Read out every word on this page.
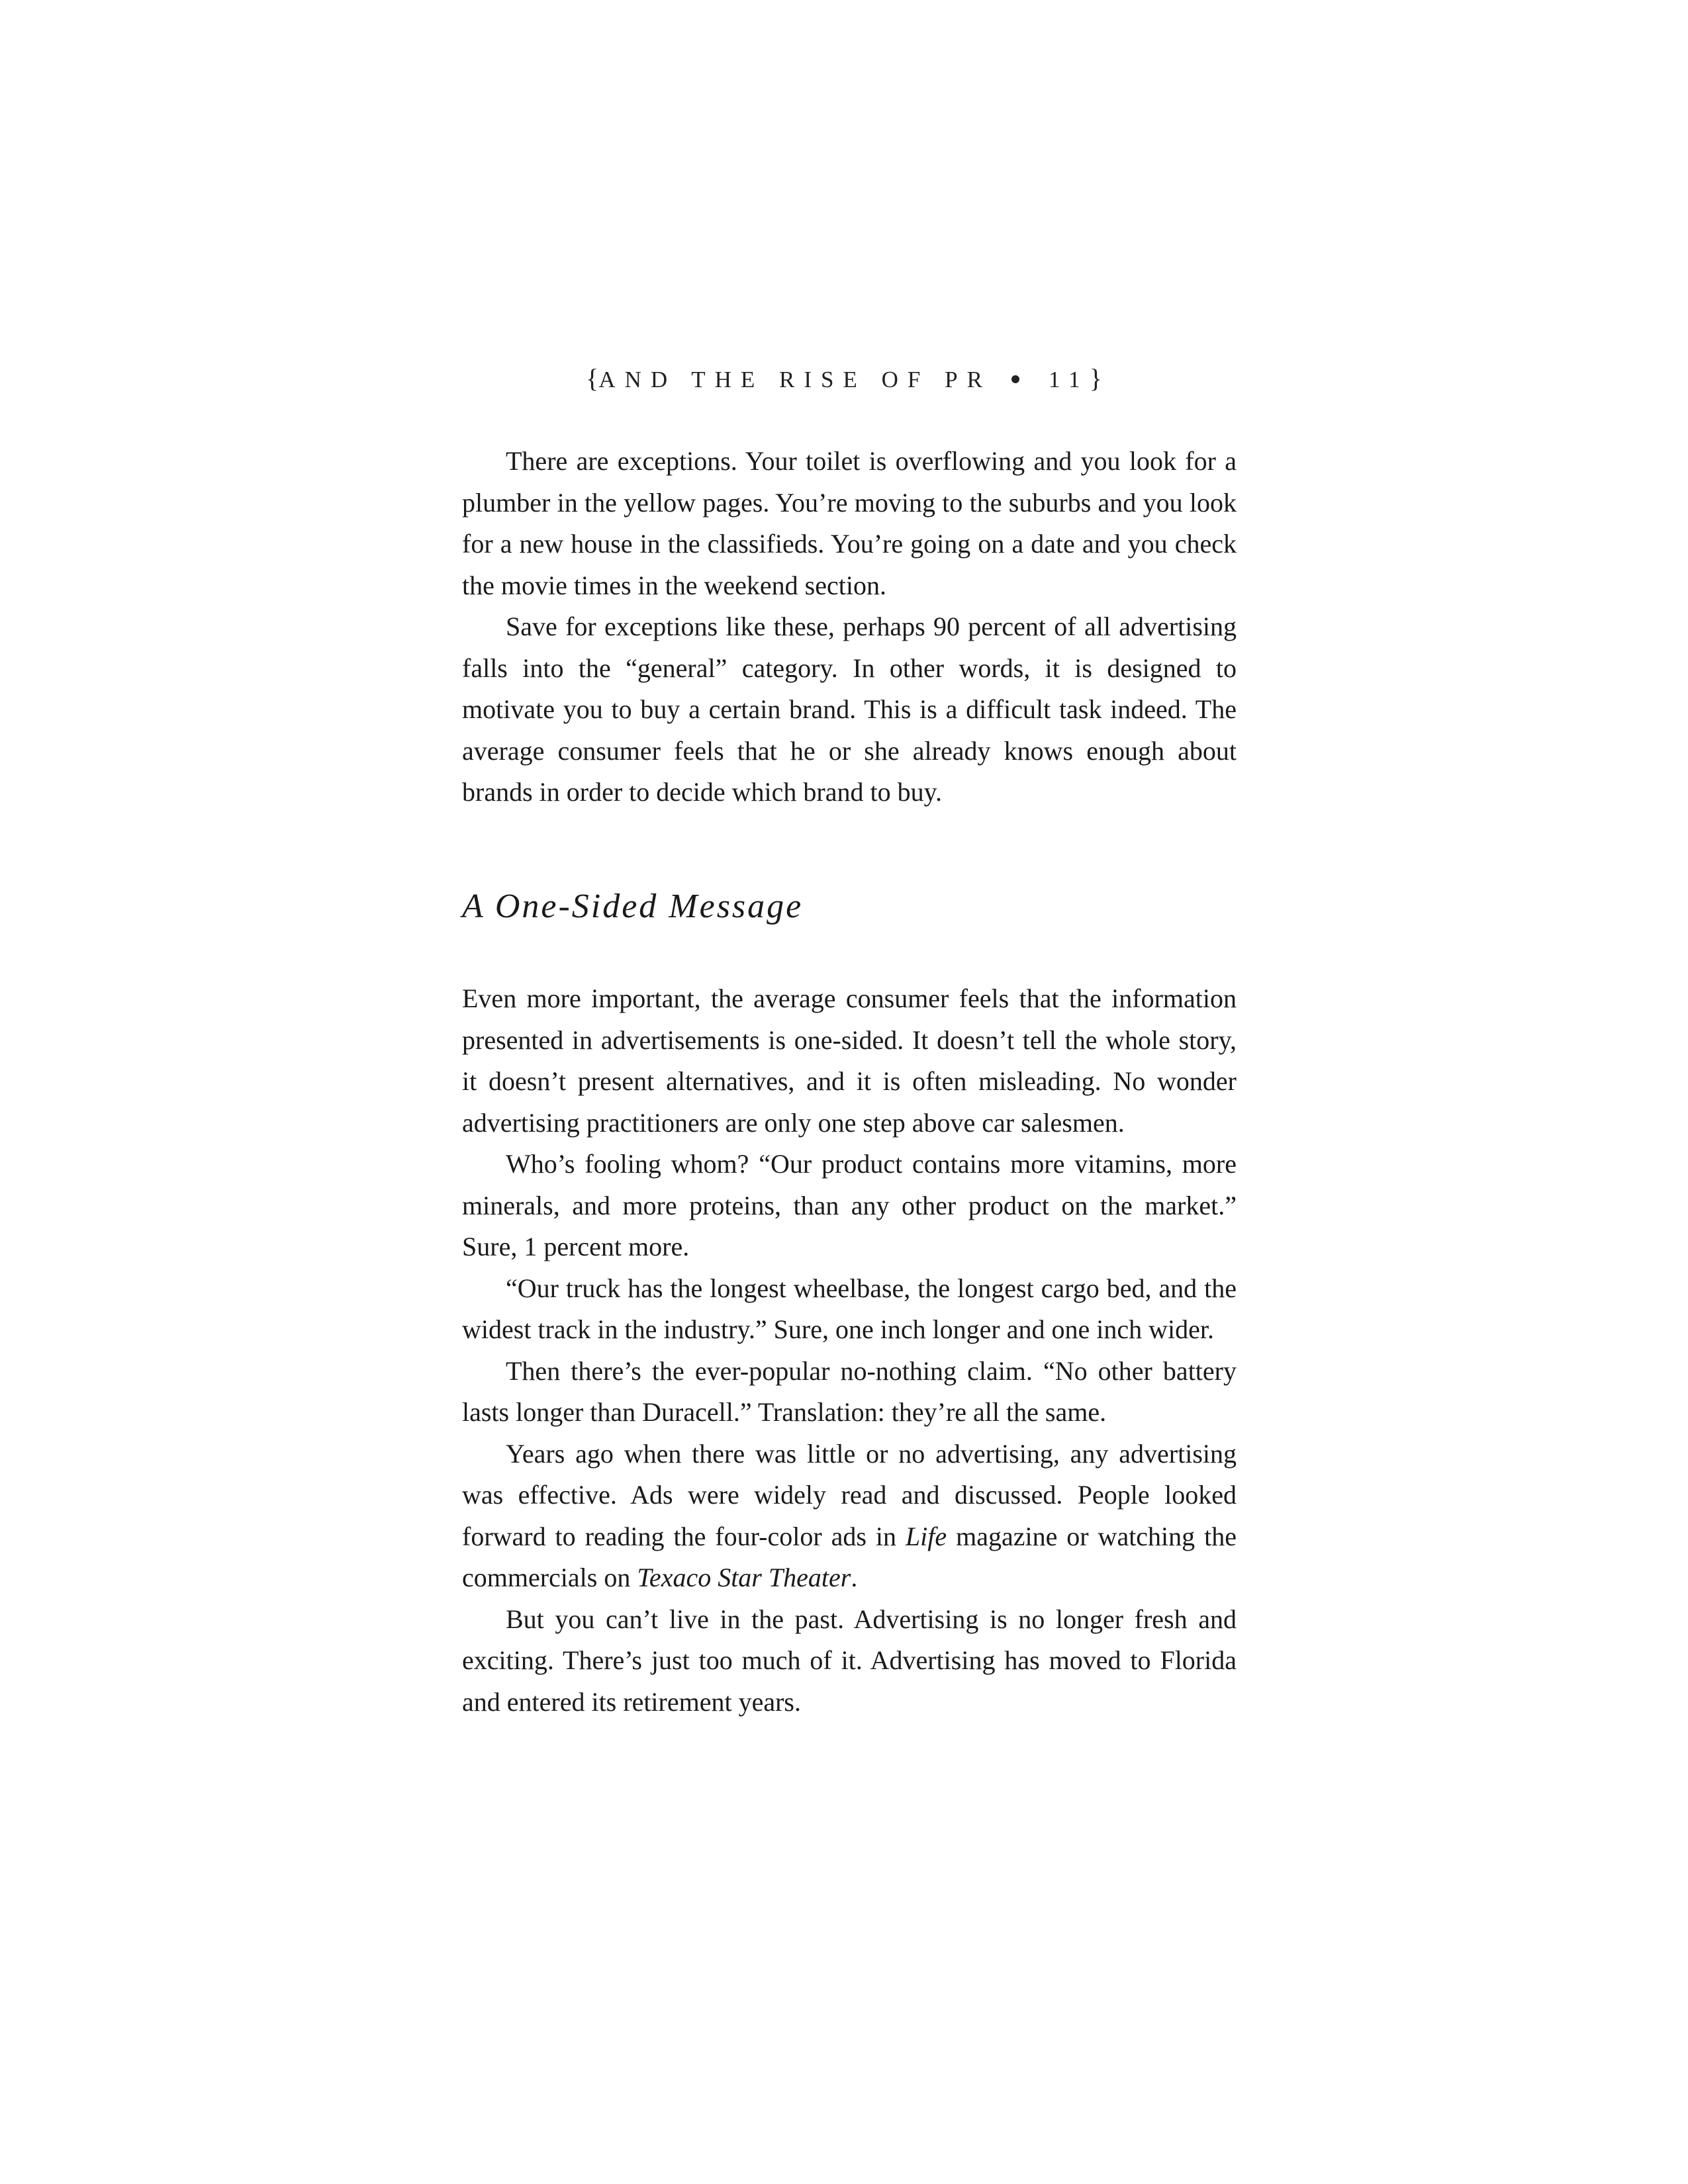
{AND THE RISE OF PR 11}

There are exceptions. Your toilet is overflowing and you look for a plumber in the yellow pages. You’re moving to the suburbs and you look for a new house in the classifieds. You’re going on a date and you check the movie times in the weekend section.

Save for exceptions like these, perhaps 90 percent of all advertising falls into the “general” category. In other words, it is designed to motivate you to buy a certain brand. This is a difficult task indeed. The average consumer feels that he or she already knows enough about brands in order to decide which brand to buy.

A One-Sided Message

Even more important, the average consumer feels that the information presented in advertisements is one-sided. It doesn’t tell the whole story, it doesn’t present alternatives, and it is often misleading. No wonder advertising practitioners are only one step above car salesmen.

Who’s fooling whom? “Our product contains more vitamins, more minerals, and more proteins, than any other product on the market.” Sure, 1 percent more.

“Our truck has the longest wheelbase, the longest cargo bed, and the widest track in the industry.” Sure, one inch longer and one inch wider.

Then there’s the ever-popular no-nothing claim. “No other battery lasts longer than Duracell.” Translation: they’re all the same.

Years ago when there was little or no advertising, any advertising was effective. Ads were widely read and discussed. People looked forward to reading the four-color ads in Life magazine or watching the commercials on Texaco Star Theater.

But you can’t live in the past. Advertising is no longer fresh and exciting. There’s just too much of it. Advertising has moved to Florida and entered its retirement years.
